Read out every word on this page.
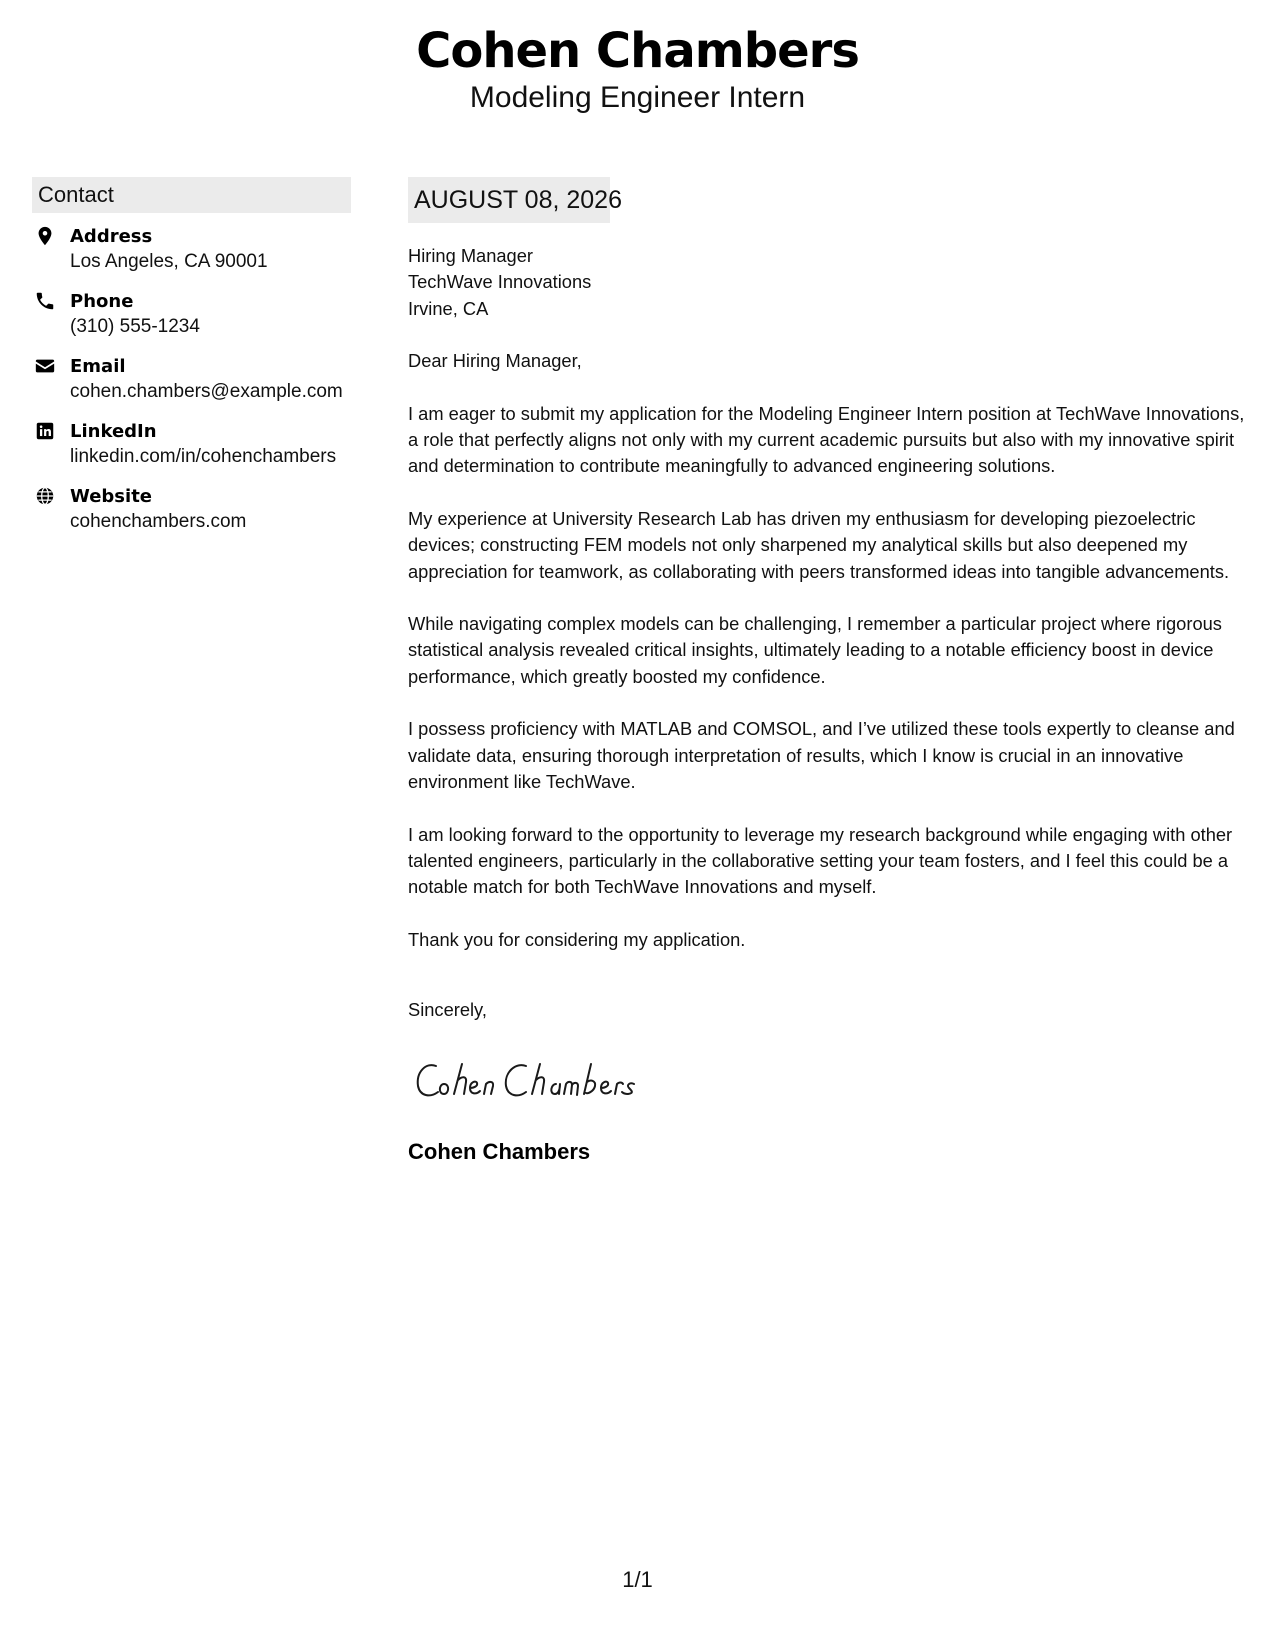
Cohen Chambers
Modeling Engineer Intern
Contact
Address
Los Angeles, CA 90001
Phone
(310) 555-1234
Email
cohen.chambers@example.com
LinkedIn
linkedin.com/in/cohenchambers
Website
cohenchambers.com
AUGUST 08, 2026
Hiring Manager
TechWave Innovations
Irvine, CA

Dear Hiring Manager,

I am eager to submit my application for the Modeling Engineer Intern position at TechWave Innovations, a role that perfectly aligns not only with my current academic pursuits but also with my innovative spirit and determination to contribute meaningfully to advanced engineering solutions.

My experience at University Research Lab has driven my enthusiasm for developing piezoelectric devices; constructing FEM models not only sharpened my analytical skills but also deepened my appreciation for teamwork, as collaborating with peers transformed ideas into tangible advancements.

While navigating complex models can be challenging, I remember a particular project where rigorous statistical analysis revealed critical insights, ultimately leading to a notable efficiency boost in device performance, which greatly boosted my confidence.

I possess proficiency with MATLAB and COMSOL, and I’ve utilized these tools expertly to cleanse and validate data, ensuring thorough interpretation of results, which I know is crucial in an innovative environment like TechWave.

I am looking forward to the opportunity to leverage my research background while engaging with other talented engineers, particularly in the collaborative setting your team fosters, and I feel this could be a notable match for both TechWave Innovations and myself.

Thank you for considering my application.

Sincerely,

Cohen Chambers

1/1
